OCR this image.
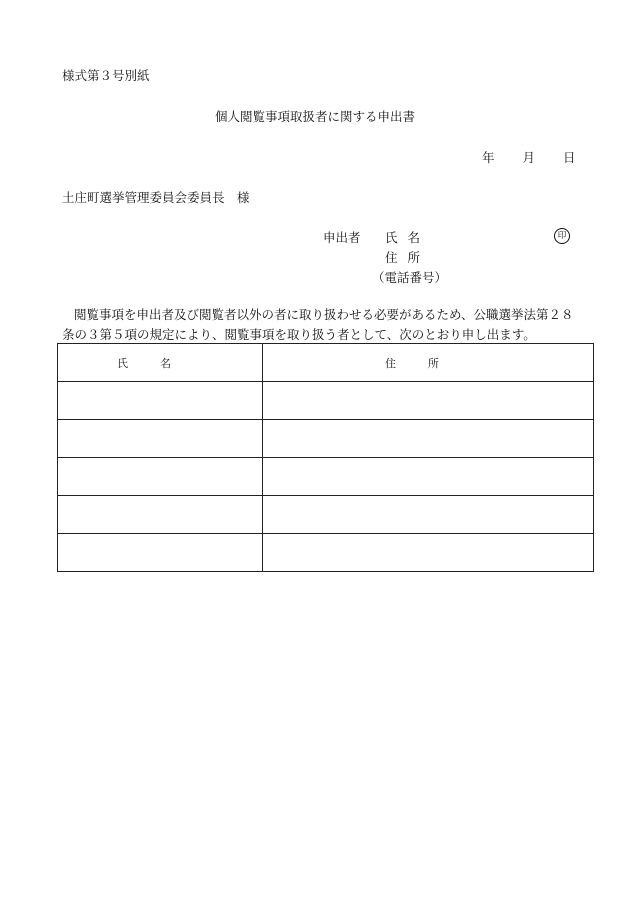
様式第３号別紙
個人閲覧事項取扱者に関する申出書
年 月 日
土庄町選挙管理委員会委員長　様
申出者 氏名	印
住所
（電話番号）
閲覧事項を申出者及び閲覧者以外の者に取り扱わせる必要があるため、公職選挙法第２８条の３第５項の規定により、閲覧事項を取り扱う者として、次のとおり申し出ます。
氏名	住所
